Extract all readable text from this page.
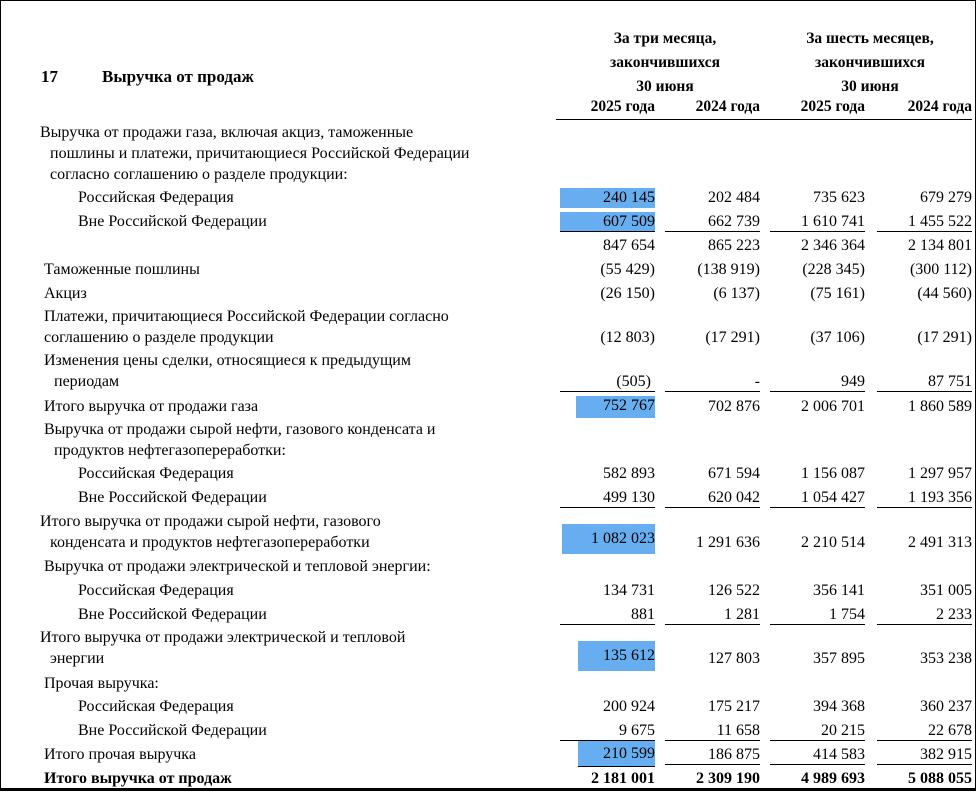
17	Выручка от продаж
За три месяца,
закончившихся
30 июня
За шесть месяцев,
закончившихся
30 июня
2025 года	2024 года	2025 года	2024 года
Выручка от продажи газа, включая акциз, таможенные
пошлины и платежи, причитающиеся Российской Федерации
согласно соглашению о разделе продукции:
Российская Федерация	240 145	202 484	735 623	679 279
Вне Российской Федерации	607 509	662 739	1 610 741	1 455 522
847 654	865 223	2 346 364	2 134 801
Таможенные пошлины	(55 429)	(138 919)	(228 345)	(300 112)
Акциз	(26 150)	(6 137)	(75 161)	(44 560)
Платежи, причитающиеся Российской Федерации согласно
соглашению о разделе продукции	(12 803)	(17 291)	(37 106)	(17 291)
Изменения цены сделки, относящиеся к предыдущим
периодам	(505)	-	949	87 751
Итого выручка от продажи газа	752 767	702 876	2 006 701	1 860 589
Выручка от продажи сырой нефти, газового конденсата и
продуктов нефтегазопереработки:
Российская Федерация	582 893	671 594	1 156 087	1 297 957
Вне Российской Федерации	499 130	620 042	1 054 427	1 193 356
Итого выручка от продажи сырой нефти, газового
конденсата и продуктов нефтегазопереработки	1 082 023	1 291 636	2 210 514	2 491 313
Выручка от продажи электрической и тепловой энергии:
Российская Федерация	134 731	126 522	356 141	351 005
Вне Российской Федерации	881	1 281	1 754	2 233
Итого выручка от продажи электрической и тепловой
энергии	135 612	127 803	357 895	353 238
Прочая выручка:
Российская Федерация	200 924	175 217	394 368	360 237
Вне Российской Федерации	9 675	11 658	20 215	22 678
Итого прочая выручка	210 599	186 875	414 583	382 915
Итого выручка от продаж	2 181 001	2 309 190	4 989 693	5 088 055
